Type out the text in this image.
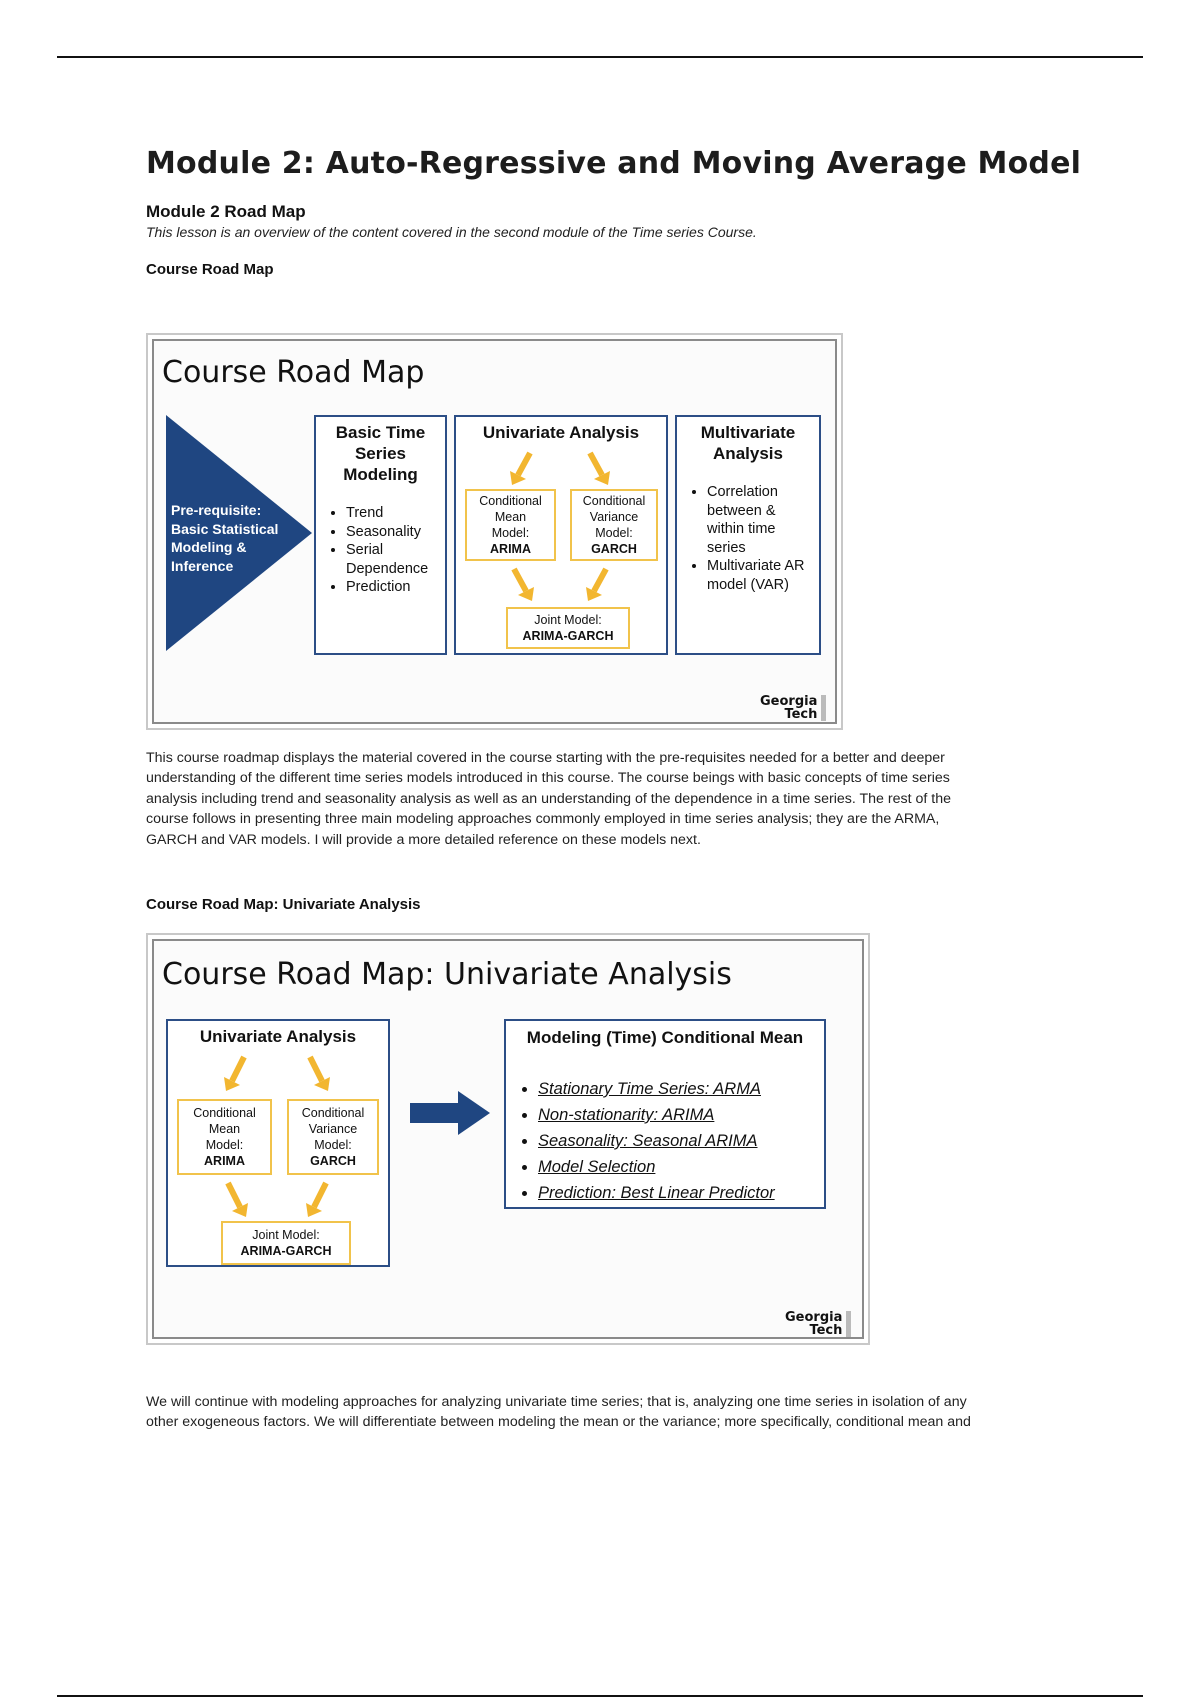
Module 2: Auto-Regressive and Moving Average Model
Module 2 Road Map
This lesson is an overview of the content covered in the second module of the Time series Course.
Course Road Map
Course Road Map
Pre-requisite:
Basic Statistical
Modeling &
Inference
Basic Time
Series
Modeling
• Trend
• Seasonality
• Serial Dependence
• Prediction
Univariate Analysis
Conditional
Mean
Model:
ARIMA
Conditional
Variance
Model:
GARCH
Joint Model:
ARIMA-GARCH
Multivariate
Analysis
• Correlation between & within time series
• Multivariate AR model (VAR)
Georgia
Tech
This course roadmap displays the material covered in the course starting with the pre-requisites needed for a better and deeper
understanding of the different time series models introduced in this course. The course beings with basic concepts of time series
analysis including trend and seasonality analysis as well as an understanding of the dependence in a time series. The rest of the
course follows in presenting three main modeling approaches commonly employed in time series analysis; they are the ARMA,
GARCH and VAR models. I will provide a more detailed reference on these models next.
Course Road Map: Univariate Analysis
Course Road Map: Univariate Analysis
Univariate Analysis
Conditional
Mean
Model:
ARIMA
Conditional
Variance
Model:
GARCH
Joint Model:
ARIMA-GARCH
Modeling (Time) Conditional Mean
• Stationary Time Series: ARMA
• Non-stationarity: ARIMA
• Seasonality: Seasonal ARIMA
• Model Selection
• Prediction: Best Linear Predictor
Georgia
Tech
We will continue with modeling approaches for analyzing univariate time series; that is, analyzing one time series in isolation of any
other exogeneous factors. We will differentiate between modeling the mean or the variance; more specifically, conditional mean and
